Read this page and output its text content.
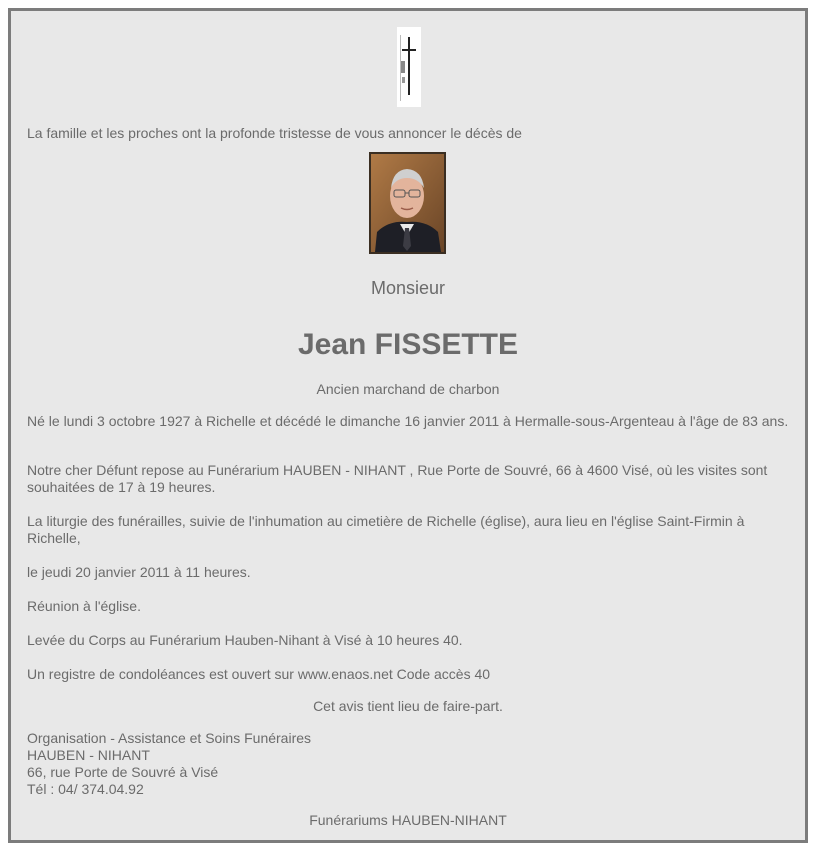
La famille et les proches ont la profonde tristesse de vous annoncer le décès de
Monsieur
Jean FISSETTE
Ancien marchand de charbon
Né le lundi 3 octobre 1927 à Richelle et décédé le dimanche 16 janvier 2011 à Hermalle-sous-Argenteau à l'âge de 83 ans.
Notre cher Défunt repose au Funérarium HAUBEN - NIHANT , Rue Porte de Souvré, 66 à 4600 Visé, où les visites sont souhaitées de 17 à 19 heures.
La liturgie des funérailles, suivie de l'inhumation au cimetière de Richelle (église), aura lieu en l'église Saint-Firmin à Richelle,
le jeudi 20 janvier 2011 à 11 heures.
Réunion à l'église.
Levée du Corps au Funérarium Hauben-Nihant à Visé à 10 heures 40.
Un registre de condoléances est ouvert sur www.enaos.net Code accès 40
Cet avis tient lieu de faire-part.
Organisation - Assistance et Soins Funéraires
HAUBEN - NIHANT
66, rue Porte de Souvré à Visé
Tél : 04/ 374.04.92
Funérariums HAUBEN-NIHANT
